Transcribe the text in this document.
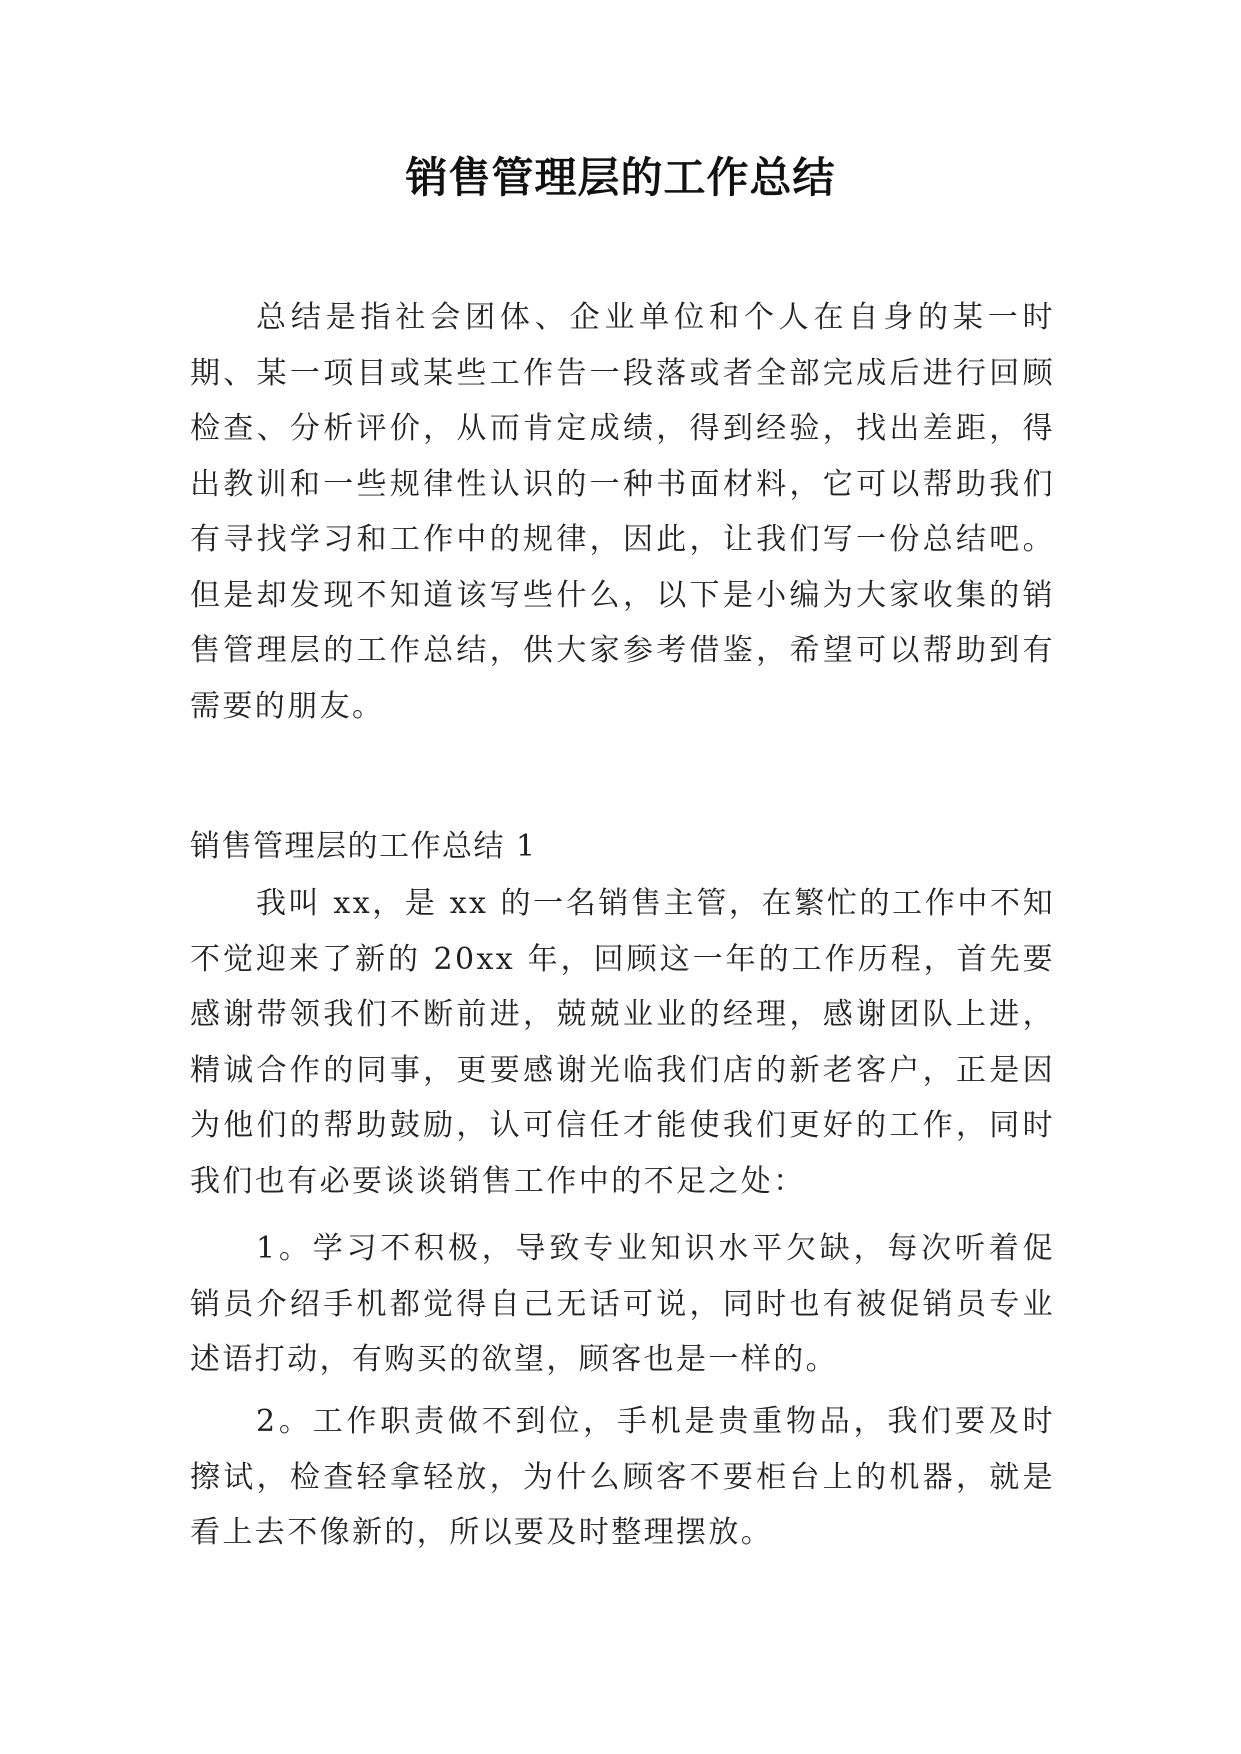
销售管理层的工作总结

总结是指社会团体、企业单位和个人在自身的某一时期、某一项目或某些工作告一段落或者全部完成后进行回顾检查、分析评价，从而肯定成绩，得到经验，找出差距，得出教训和一些规律性认识的一种书面材料，它可以帮助我们有寻找学习和工作中的规律，因此，让我们写一份总结吧。但是却发现不知道该写些什么，以下是小编为大家收集的销售管理层的工作总结，供大家参考借鉴，希望可以帮助到有需要的朋友。

销售管理层的工作总结 1

我叫 xx，是 xx 的一名销售主管，在繁忙的工作中不知不觉迎来了新的 20xx 年，回顾这一年的工作历程，首先要感谢带领我们不断前进，兢兢业业的经理，感谢团队上进，精诚合作的同事，更要感谢光临我们店的新老客户，正是因为他们的帮助鼓励，认可信任才能使我们更好的工作，同时我们也有必要谈谈销售工作中的不足之处：

1。学习不积极，导致专业知识水平欠缺，每次听着促销员介绍手机都觉得自己无话可说，同时也有被促销员专业述语打动，有购买的欲望，顾客也是一样的。

2。工作职责做不到位，手机是贵重物品，我们要及时擦试，检查轻拿轻放，为什么顾客不要柜台上的机器，就是看上去不像新的，所以要及时整理摆放。
